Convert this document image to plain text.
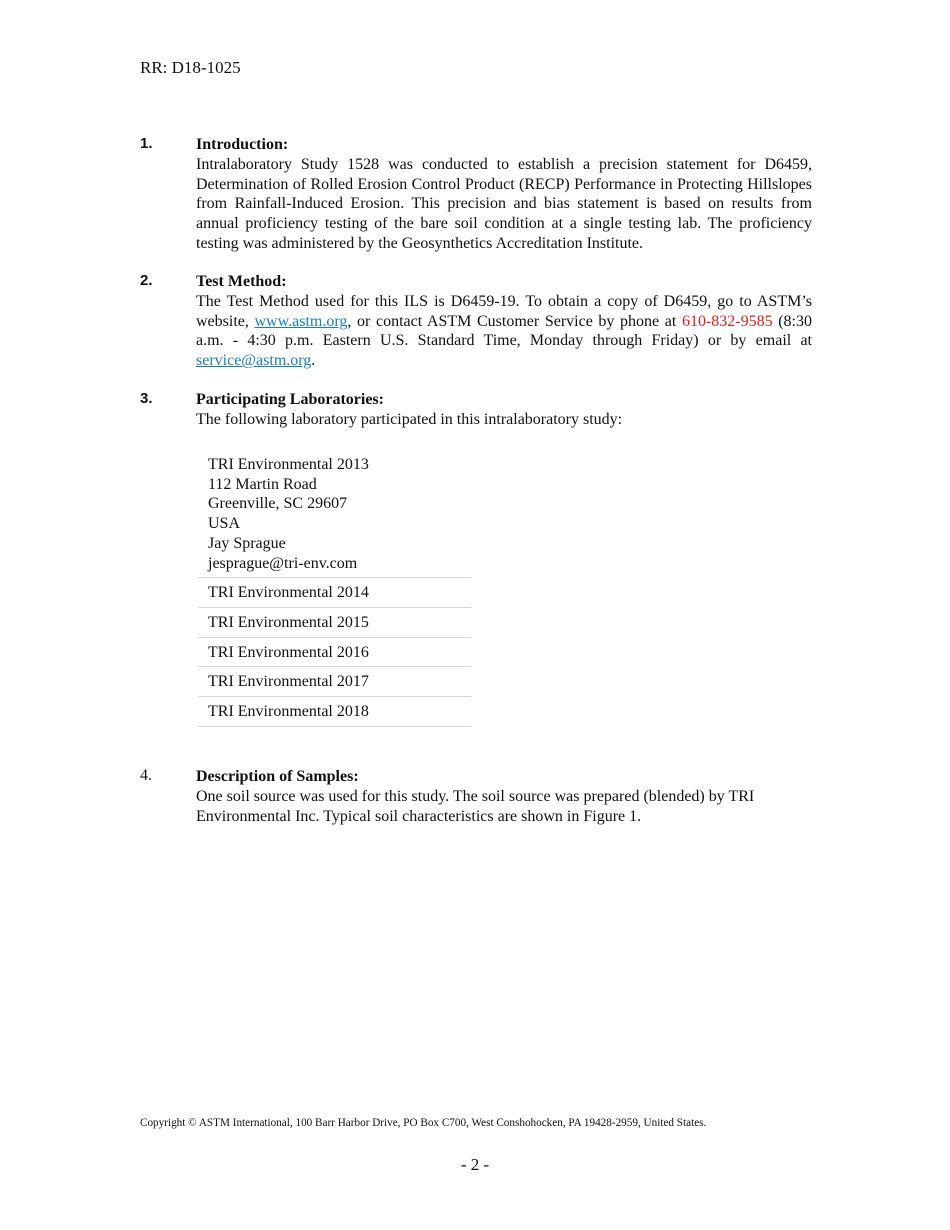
RR: D18-1025
1.	Introduction:
Intralaboratory Study 1528 was conducted to establish a precision statement for D6459, Determination of Rolled Erosion Control Product (RECP) Performance in Protecting Hillslopes from Rainfall-Induced Erosion. This precision and bias statement is based on results from annual proficiency testing of the bare soil condition at a single testing lab. The proficiency testing was administered by the Geosynthetics Accreditation Institute.
2.	Test Method:
The Test Method used for this ILS is D6459-19. To obtain a copy of D6459, go to ASTM’s website, www.astm.org, or contact ASTM Customer Service by phone at 610-832-9585 (8:30 a.m. - 4:30 p.m. Eastern U.S. Standard Time, Monday through Friday) or by email at service@astm.org.
3.	Participating Laboratories:
The following laboratory participated in this intralaboratory study:
TRI Environmental 2013
112 Martin Road
Greenville, SC 29607
USA
Jay Sprague
jesprague@tri-env.com

TRI Environmental 2014
TRI Environmental 2015
TRI Environmental 2016
TRI Environmental 2017
TRI Environmental 2018
4.	Description of Samples:
One soil source was used for this study. The soil source was prepared (blended) by TRI
Environmental Inc. Typical soil characteristics are shown in Figure 1.
Copyright © ASTM International, 100 Barr Harbor Drive, PO Box C700, West Conshohocken, PA 19428-2959, United States.
- 2 -
